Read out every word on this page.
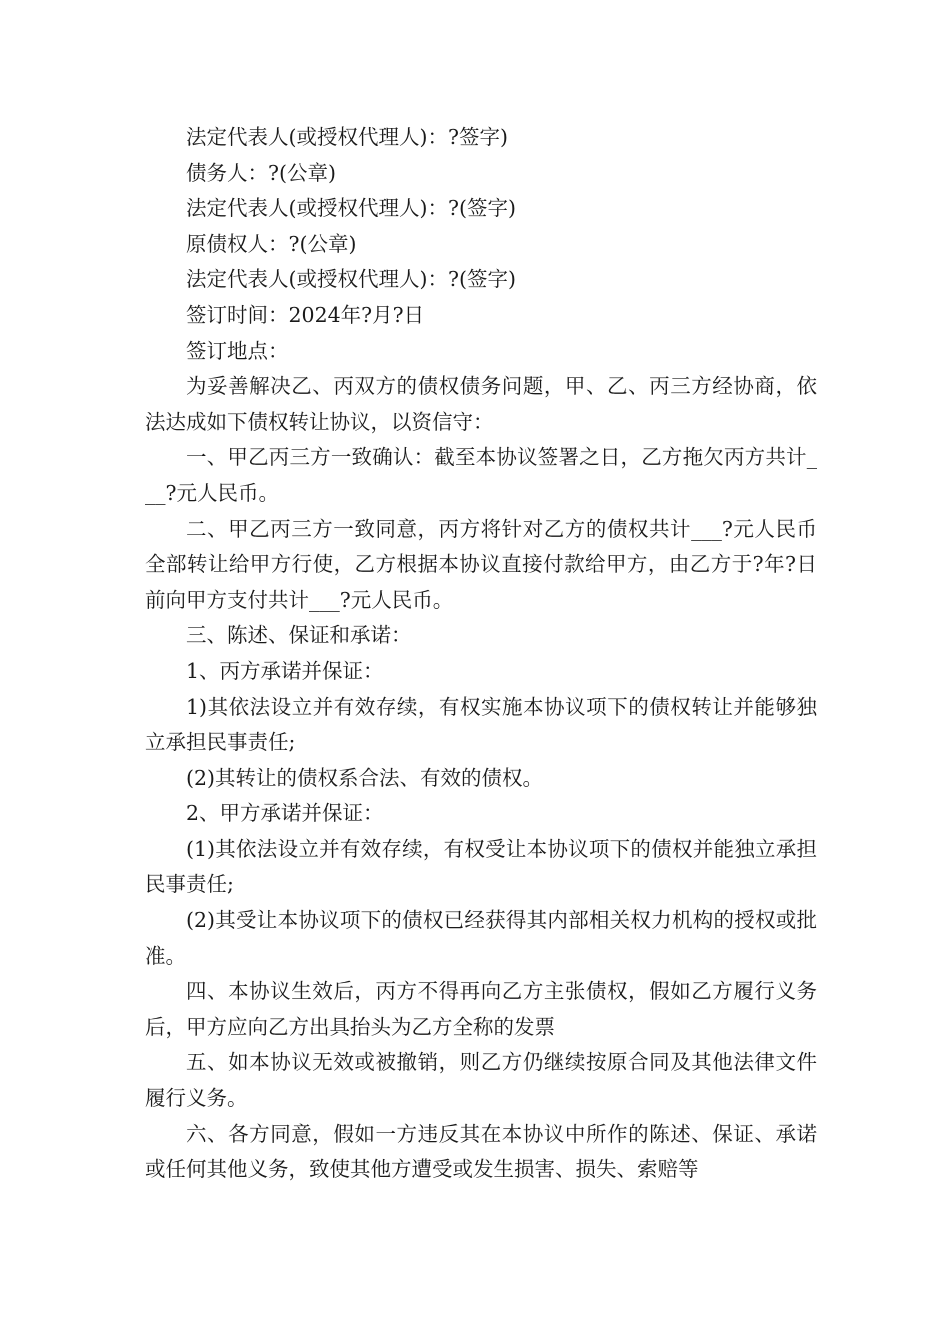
法定代表人(或授权代理人)：?签字)

债务人：?(公章)

法定代表人(或授权代理人)：?(签字)

原债权人：?(公章)

法定代表人(或授权代理人)：?(签字)

签订时间：2024年?月?日

签订地点：

为妥善解决乙、丙双方的债权债务问题，甲、乙、丙三方经协商，依法达成如下债权转让协议，以资信守：

一、甲乙丙三方一致确认：截至本协议签署之日，乙方拖欠丙方共计___?元人民币。

二、甲乙丙三方一致同意，丙方将针对乙方的债权共计___?元人民币全部转让给甲方行使，乙方根据本协议直接付款给甲方，由乙方于?年?日前向甲方支付共计___?元人民币。

三、陈述、保证和承诺：

1、丙方承诺并保证：

1)其依法设立并有效存续，有权实施本协议项下的债权转让并能够独立承担民事责任;

(2)其转让的债权系合法、有效的债权。

2、甲方承诺并保证：

(1)其依法设立并有效存续，有权受让本协议项下的债权并能独立承担民事责任;

(2)其受让本协议项下的债权已经获得其内部相关权力机构的授权或批准。

四、本协议生效后，丙方不得再向乙方主张债权，假如乙方履行义务后，甲方应向乙方出具抬头为乙方全称的发票

五、如本协议无效或被撤销，则乙方仍继续按原合同及其他法律文件履行义务。

六、各方同意，假如一方违反其在本协议中所作的陈述、保证、承诺或任何其他义务，致使其他方遭受或发生损害、损失、索赔等
